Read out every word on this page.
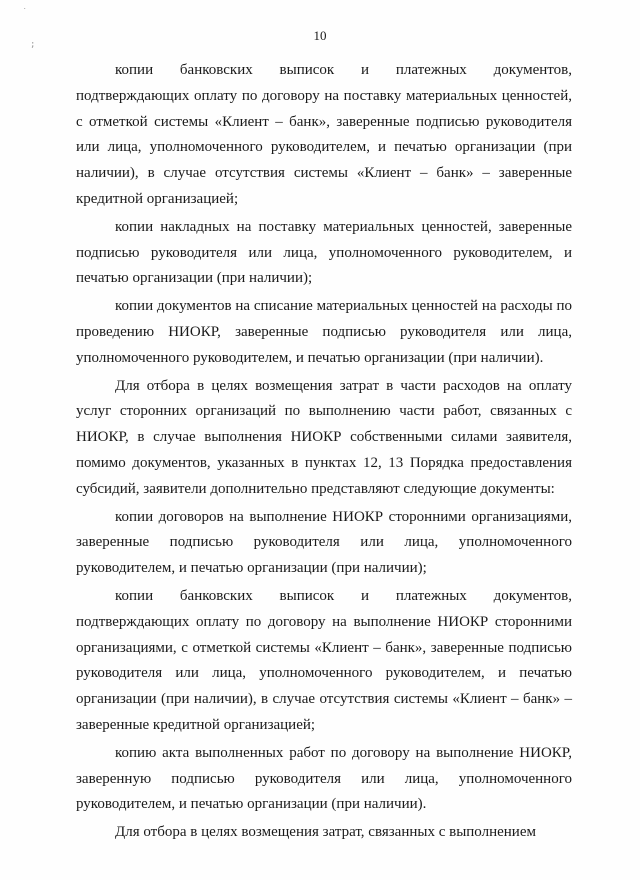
˙
;
10

копии банковских выписок и платежных документов, подтверждающих оплату по договору на поставку материальных ценностей, с отметкой системы «Клиент – банк», заверенные подписью руководителя или лица, уполномоченного руководителем, и печатью организации (при наличии), в случае отсутствия системы «Клиент – банк» – заверенные кредитной организацией;

копии накладных на поставку материальных ценностей, заверенные подписью руководителя или лица, уполномоченного руководителем, и печатью организации (при наличии);

копии документов на списание материальных ценностей на расходы по проведению НИОКР, заверенные подписью руководителя или лица, уполномоченного руководителем, и печатью организации (при наличии).

Для отбора в целях возмещения затрат в части расходов на оплату услуг сторонних организаций по выполнению части работ, связанных с НИОКР, в случае выполнения НИОКР собственными силами заявителя, помимо документов, указанных в пунктах 12, 13 Порядка предоставления субсидий, заявители дополнительно представляют следующие документы:

копии договоров на выполнение НИОКР сторонними организациями, заверенные подписью руководителя или лица, уполномоченного руководителем, и печатью организации (при наличии);

копии банковских выписок и платежных документов, подтверждающих оплату по договору на выполнение НИОКР сторонними организациями, с отметкой системы «Клиент – банк», заверенные подписью руководителя или лица, уполномоченного руководителем, и печатью организации (при наличии), в случае отсутствия системы «Клиент – банк» – заверенные кредитной организацией;

копию акта выполненных работ по договору на выполнение НИОКР, заверенную подписью руководителя или лица, уполномоченного руководителем, и печатью организации (при наличии).

Для отбора в целях возмещения затрат, связанных с выполнением
